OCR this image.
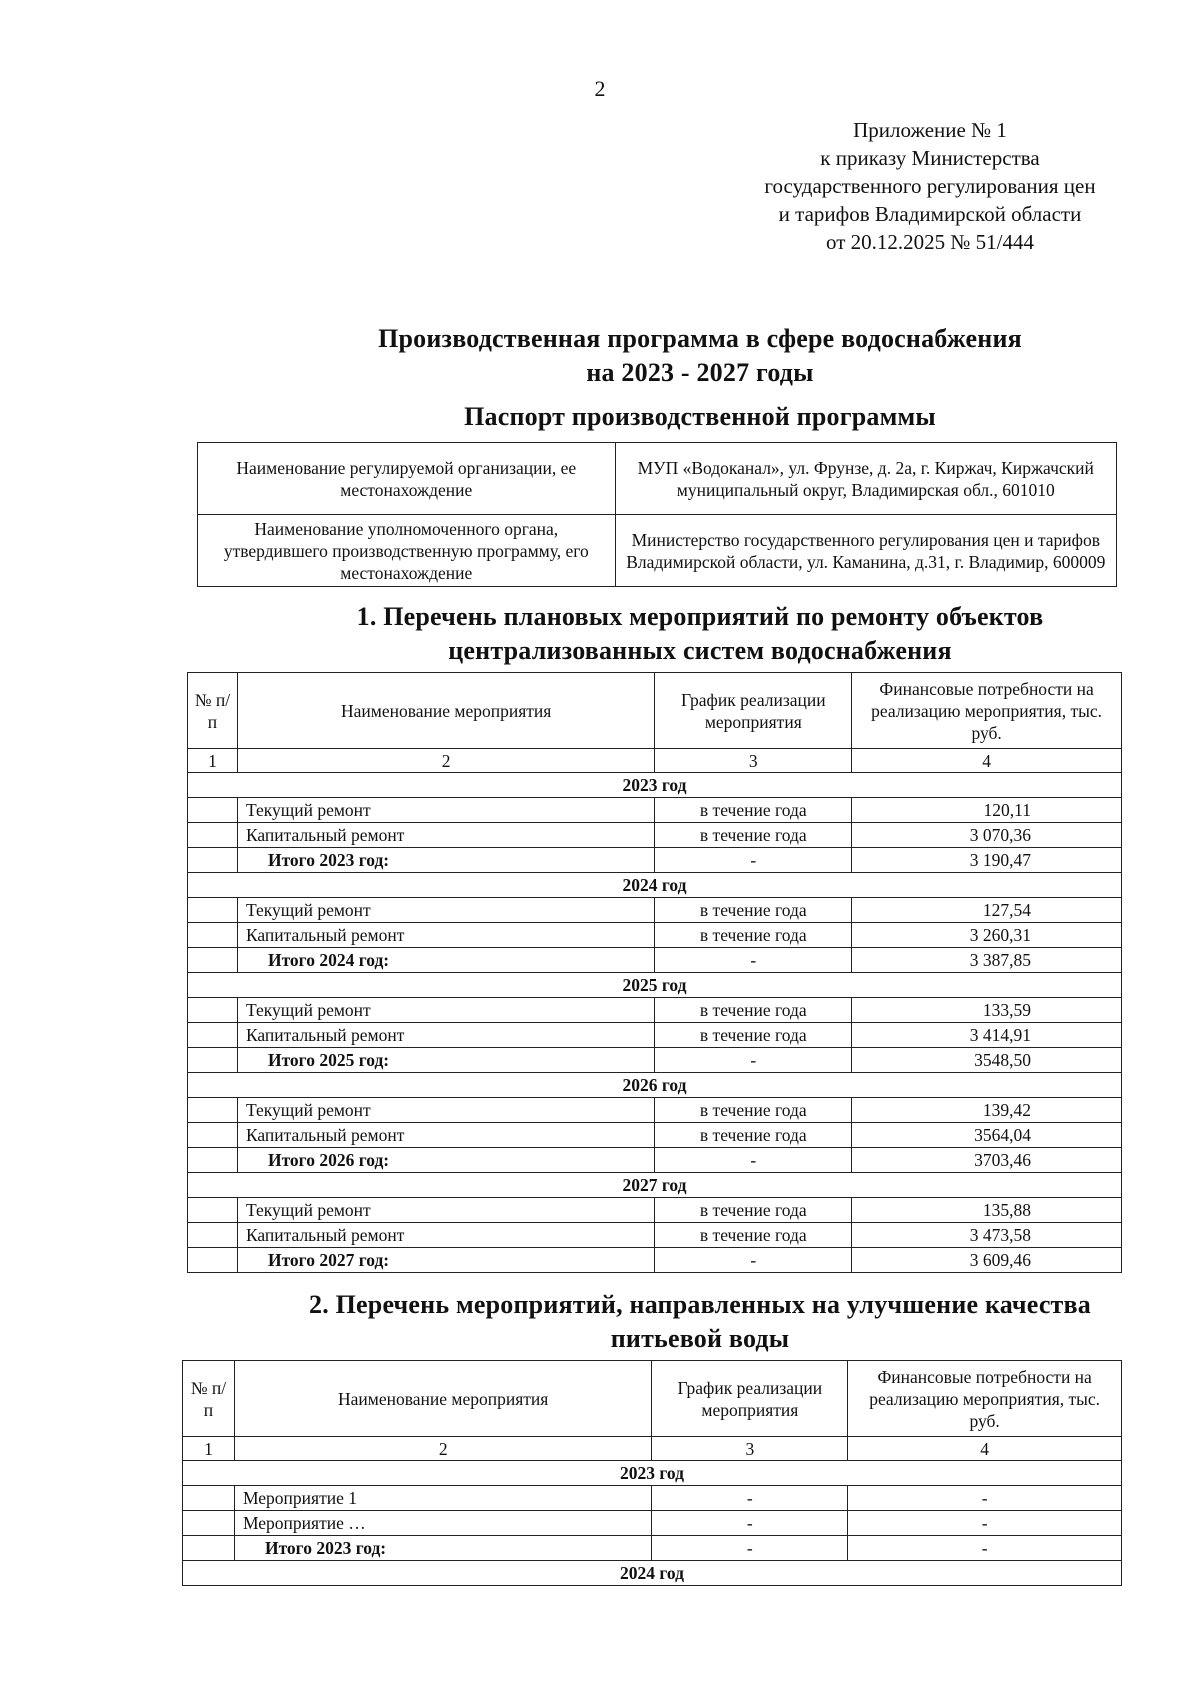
2
Приложение № 1
к приказу Министерства
государственного регулирования цен
и тарифов Владимирской области
от 20.12.2025 № 51/444
Производственная программа в сфере водоснабжения
на 2023 - 2027 годы
Паспорт производственной программы
Наименование регулируемой организации, ее местонахождение	МУП «Водоканал», ул. Фрунзе, д. 2а, г. Киржач, Киржачский муниципальный округ, Владимирская обл., 601010
Наименование уполномоченного органа, утвердившего производственную программу, его местонахождение	Министерство государственного регулирования цен и тарифов Владимирской области, ул. Каманина, д.31, г. Владимир, 600009
1. Перечень плановых мероприятий по ремонту объектов
централизованных систем водоснабжения
№ п/п	Наименование мероприятия	График реализации мероприятия	Финансовые потребности на реализацию мероприятия, тыс. руб.
1	2	3	4
2023 год			
	Текущий ремонт	в течение года	120,11
	Капитальный ремонт	в течение года	3 070,36
	Итого 2023 год:	-	3 190,47
2024 год			
	Текущий ремонт	в течение года	127,54
	Капитальный ремонт	в течение года	3 260,31
	Итого 2024 год:	-	3 387,85
2025 год			
	Текущий ремонт	в течение года	133,59
	Капитальный ремонт	в течение года	3 414,91
	Итого 2025 год:	-	3548,50
2026 год			
	Текущий ремонт	в течение года	139,42
	Капитальный ремонт	в течение года	3564,04
	Итого 2026 год:	-	3703,46
2027 год			
	Текущий ремонт	в течение года	135,88
	Капитальный ремонт	в течение года	3 473,58
	Итого 2027 год:	-	3 609,46
2. Перечень мероприятий, направленных на улучшение качества
питьевой воды
№ п/п	Наименование мероприятия	График реализации мероприятия	Финансовые потребности на реализацию мероприятия, тыс. руб.
1	2	3	4
2023 год			
	Мероприятие 1	-	-
	Мероприятие …	-	-
	Итого 2023 год:	-	-
2024 год			
